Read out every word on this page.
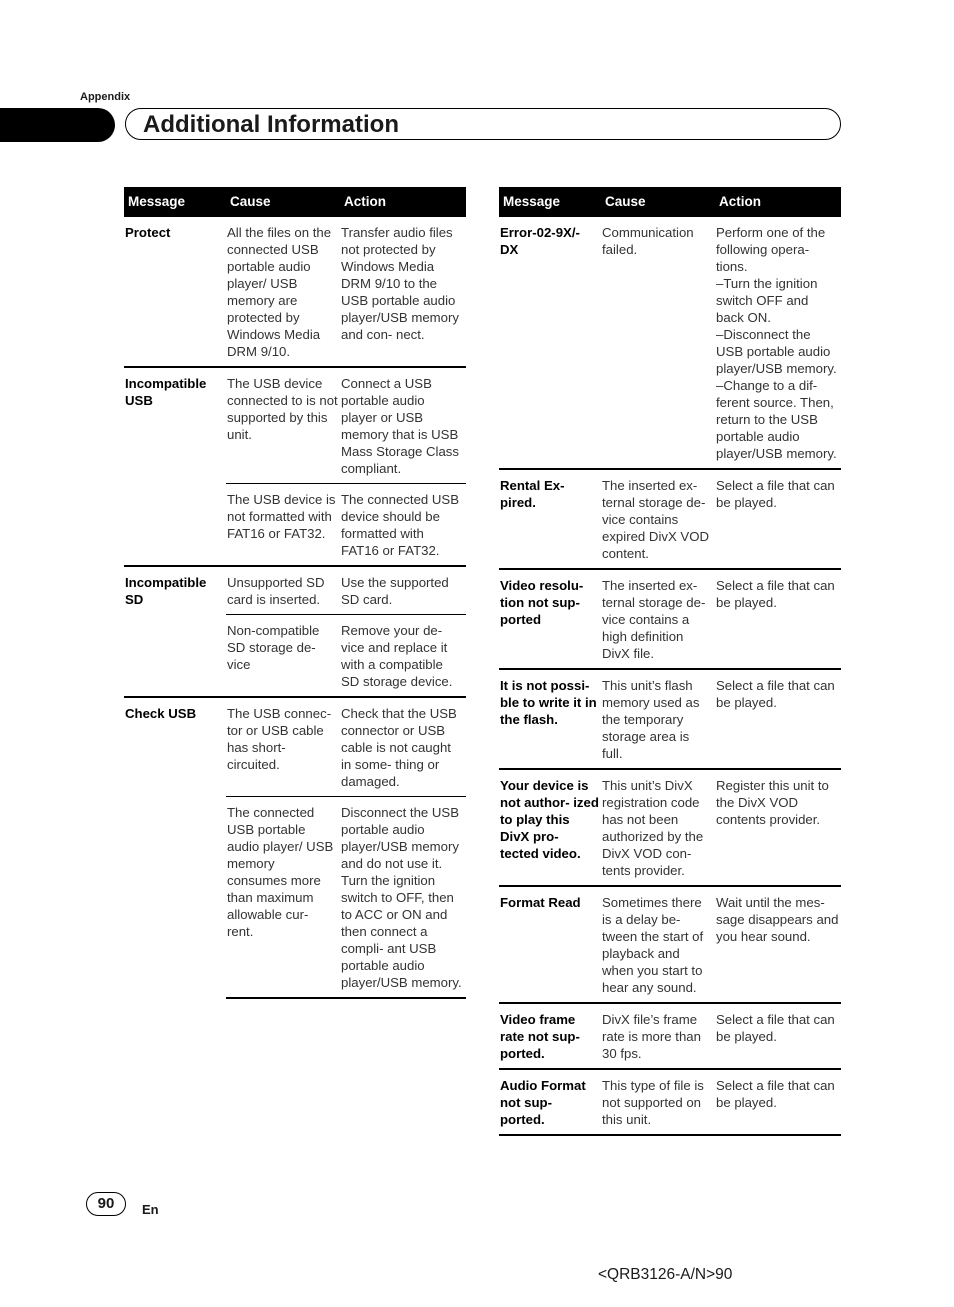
Appendix
Additional Information
Message	Cause	Action
Protect	All the files on the connected USB portable audio player/ USB memory are protected by Windows Media DRM 9/10.	Transfer audio files not protected by Windows Media DRM 9/10 to the USB portable audio player/USB memory and con- nect.
Incompatible USB	The USB device connected to is not supported by this unit.	Connect a USB portable audio player or USB memory that is USB Mass Storage Class compliant.
	The USB device is not formatted with FAT16 or FAT32.	The connected USB device should be formatted with FAT16 or FAT32.
Incompatible SD	Unsupported SD card is inserted.	Use the supported SD card.
	Non-compatible SD storage de- vice	Remove your de- vice and replace it with a compatible SD storage device.
Check USB	The USB connec- tor or USB cable has short- circuited.	Check that the USB connector or USB cable is not caught in some- thing or damaged.
	The connected USB portable audio player/ USB memory consumes more than maximum allowable cur- rent.	Disconnect the USB portable audio player/USB memory and do not use it. Turn the ignition switch to OFF, then to ACC or ON and then connect a compli- ant USB portable audio player/USB memory.
Message	Cause	Action
Error-02-9X/- DX	Communication failed.	Perform one of the following opera- tions.
–Turn the ignition switch OFF and back ON.
–Disconnect the USB portable audio player/USB memory.
–Change to a dif- ferent source. Then, return to the USB portable audio player/USB memory.
Rental Ex- pired.	The inserted ex- ternal storage de- vice contains expired DivX VOD content.	Select a file that can be played.
Video resolu- tion not sup- ported	The inserted ex- ternal storage de- vice contains a high definition DivX file.	Select a file that can be played.
It is not possi- ble to write it in the flash.	This unit’s flash memory used as the temporary storage area is full.	Select a file that can be played.
Your device is not author- ized to play this DivX pro- tected video.	This unit’s DivX registration code has not been authorized by the DivX VOD con- tents provider.	Register this unit to the DivX VOD contents provider.
Format Read	Sometimes there is a delay be- tween the start of playback and when you start to hear any sound.	Wait until the mes- sage disappears and you hear sound.
Video frame rate not sup- ported.	DivX file’s frame rate is more than 30 fps.	Select a file that can be played.
Audio Format not sup- ported.	This type of file is not supported on this unit.	Select a file that can be played.
90	En
<QRB3126-A/N>90
